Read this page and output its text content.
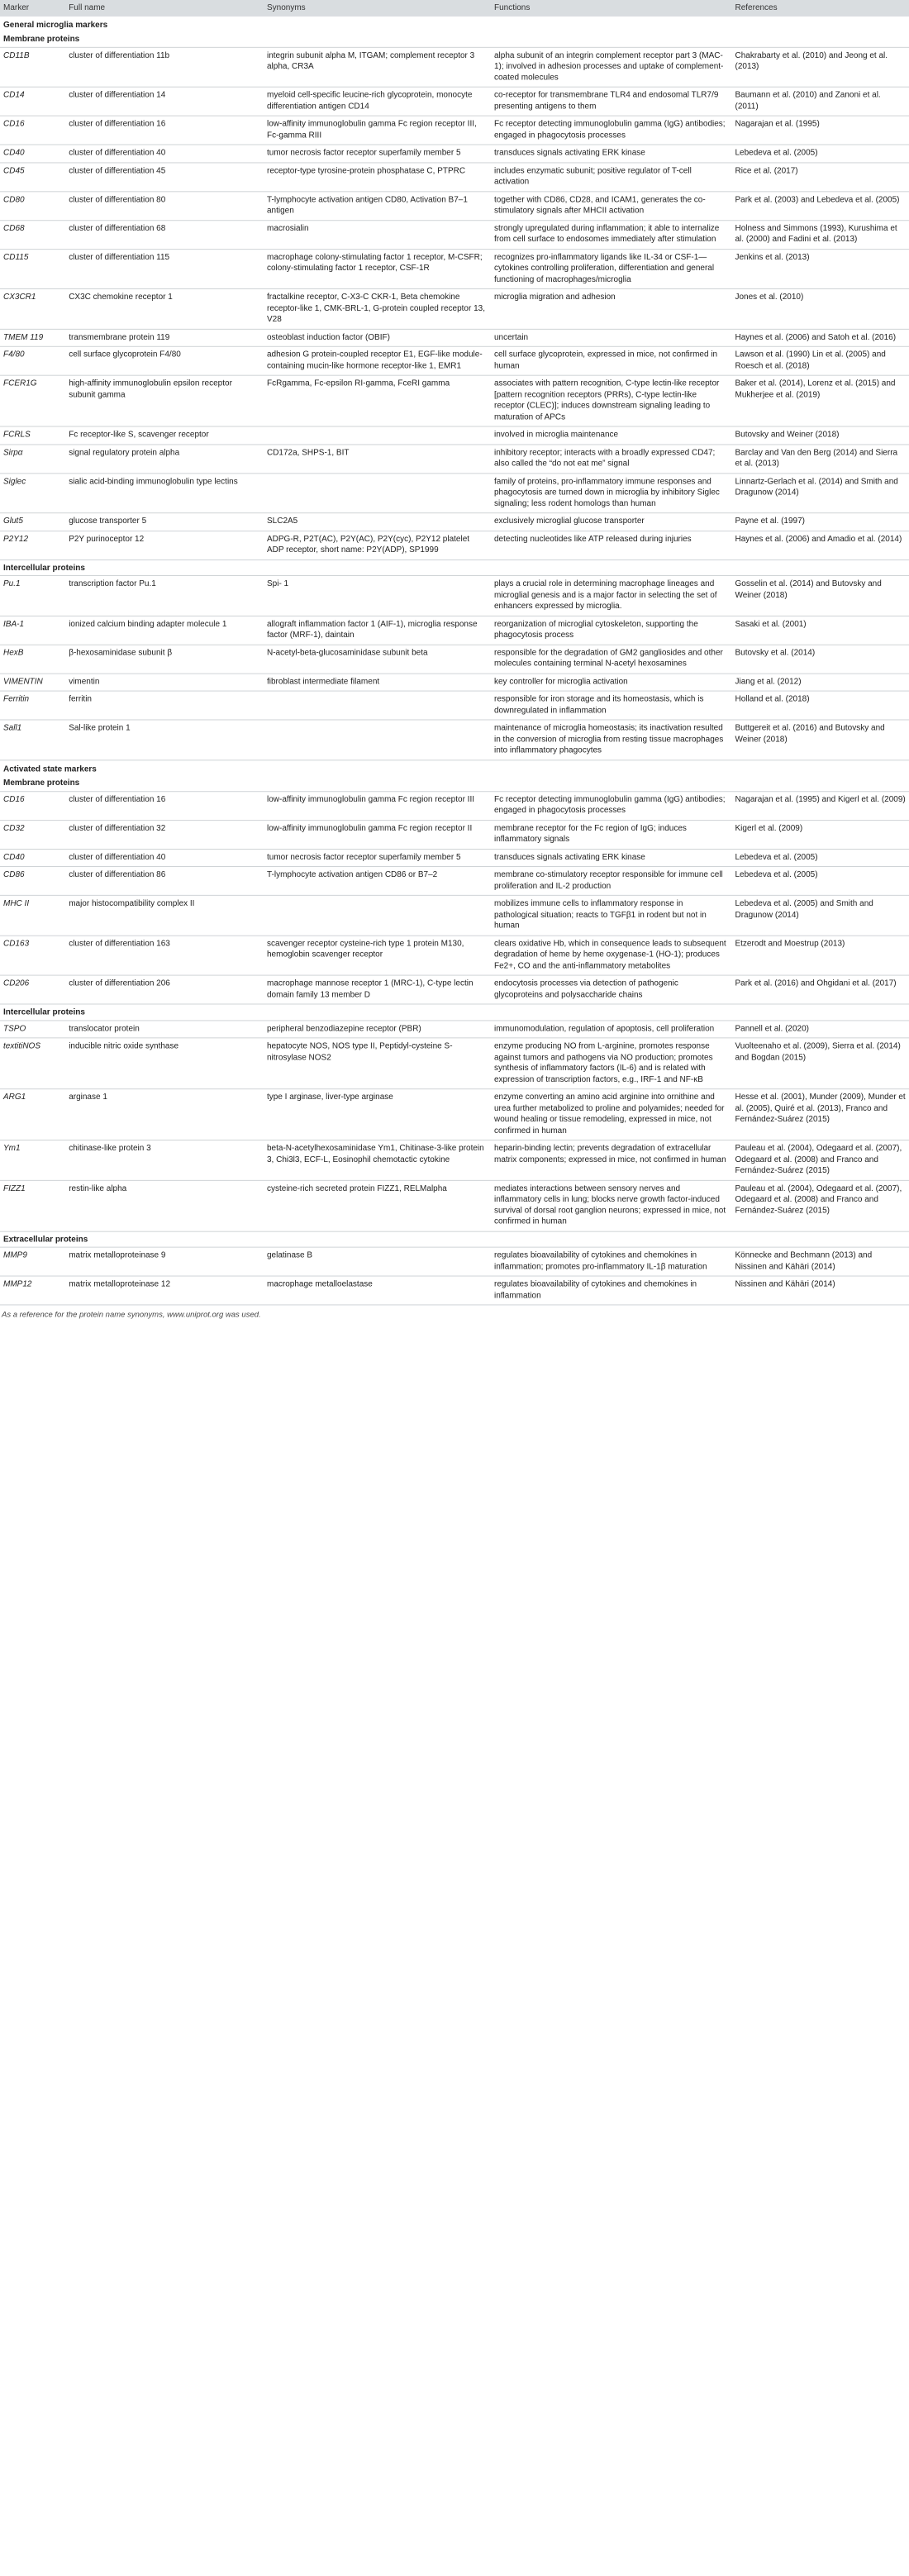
Marker	Full name	Synonyms	Functions	References
General microglia markers				
Membrane proteins				
CD11B	cluster of differentiation 11b	integrin subunit alpha M, ITGAM; complement receptor 3 alpha, CR3A	alpha subunit of an integrin complement receptor part 3 (MAC-1); involved in adhesion processes and uptake of complement-coated molecules	Chakrabarty et al. (2010) and Jeong et al. (2013)
CD14	cluster of differentiation 14	myeloid cell-specific leucine-rich glycoprotein, monocyte differentiation antigen CD14	co-receptor for transmembrane TLR4 and endosomal TLR7/9 presenting antigens to them	Baumann et al. (2010) and Zanoni et al. (2011)
CD16	cluster of differentiation 16	low-affinity immunoglobulin gamma Fc region receptor III, Fc-gamma RIII	Fc receptor detecting immunoglobulin gamma (IgG) antibodies; engaged in phagocytosis processes	Nagarajan et al. (1995)
CD40	cluster of differentiation 40	tumor necrosis factor receptor superfamily member 5	transduces signals activating ERK kinase	Lebedeva et al. (2005)
CD45	cluster of differentiation 45	receptor-type tyrosine-protein phosphatase C, PTPRC	includes enzymatic subunit; positive regulator of T-cell activation	Rice et al. (2017)
CD80	cluster of differentiation 80	T-lymphocyte activation antigen CD80, Activation B7–1 antigen	together with CD86, CD28, and ICAM1, generates the co-stimulatory signals after MHCII activation	Park et al. (2003) and Lebedeva et al. (2005)
CD68	cluster of differentiation 68	macrosialin	strongly upregulated during inflammation; it able to internalize from cell surface to endosomes immediately after stimulation	Holness and Simmons (1993), Kurushima et al. (2000) and Fadini et al. (2013)
CD115	cluster of differentiation 115	macrophage colony-stimulating factor 1 receptor, M-CSFR; colony-stimulating factor 1 receptor, CSF-1R	recognizes pro-inflammatory ligands like IL-34 or CSF-1—cytokines controlling proliferation, differentiation and general functioning of macrophages/microglia	Jenkins et al. (2013)
CX3CR1	CX3C chemokine receptor 1	fractalkine receptor, C-X3-C CKR-1, Beta chemokine receptor-like 1, CMK-BRL-1, G-protein coupled receptor 13, V28	microglia migration and adhesion	Jones et al. (2010)
TMEM 119	transmembrane protein 119	osteoblast induction factor (OBIF)	uncertain	Haynes et al. (2006) and Satoh et al. (2016)
F4/80	cell surface glycoprotein F4/80	adhesion G protein-coupled receptor E1, EGF-like module-containing mucin-like hormone receptor-like 1, EMR1	cell surface glycoprotein, expressed in mice, not confirmed in human	Lawson et al. (1990) Lin et al. (2005) and Roesch et al. (2018)
FCER1G	high-affinity immunoglobulin epsilon receptor subunit gamma	FcRgamma, Fc-epsilon RI-gamma, FceRI gamma	associates with pattern recognition, C-type lectin-like receptor [pattern recognition receptors (PRRs), C-type lectin-like receptor (CLEC)]; induces downstream signaling leading to maturation of APCs	Baker et al. (2014), Lorenz et al. (2015) and Mukherjee et al. (2019)
FCRLS	Fc receptor-like S, scavenger receptor		involved in microglia maintenance	Butovsky and Weiner (2018)
Sirpα	signal regulatory protein alpha	CD172a, SHPS-1, BIT	inhibitory receptor; interacts with a broadly expressed CD47; also called the “do not eat me” signal	Barclay and Van den Berg (2014) and Sierra et al. (2013)
Siglec	sialic acid-binding immunoglobulin type lectins		family of proteins, pro-inflammatory immune responses and phagocytosis are turned down in microglia by inhibitory Siglec signaling; less rodent homologs than human	Linnartz-Gerlach et al. (2014) and Smith and Dragunow (2014)
Glut5	glucose transporter 5	SLC2A5	exclusively microglial glucose transporter	Payne et al. (1997)
P2Y12	P2Y purinoceptor 12	ADPG-R, P2T(AC), P2Y(AC), P2Y(cyc), P2Y12 platelet ADP receptor, short name: P2Y(ADP), SP1999	detecting nucleotides like ATP released during injuries	Haynes et al. (2006) and Amadio et al. (2014)
Intercellular proteins				
Pu.1	transcription factor Pu.1	Spi- 1	plays a crucial role in determining macrophage lineages and microglial genesis and is a major factor in selecting the set of enhancers expressed by microglia.	Gosselin et al. (2014) and Butovsky and Weiner (2018)
IBA-1	ionized calcium binding adapter molecule 1	allograft inflammation factor 1 (AIF-1), microglia response factor (MRF-1), daintain	reorganization of microglial cytoskeleton, supporting the phagocytosis process	Sasaki et al. (2001)
HexB	β-hexosaminidase subunit β	N-acetyl-beta-glucosaminidase subunit beta	responsible for the degradation of GM2 gangliosides and other molecules containing terminal N-acetyl hexosamines	Butovsky et al. (2014)
VIMENTIN	vimentin	fibroblast intermediate filament	key controller for microglia activation	Jiang et al. (2012)
Ferritin	ferritin		responsible for iron storage and its homeostasis, which is downregulated in inflammation	Holland et al. (2018)
Sall1	Sal-like protein 1		maintenance of microglia homeostasis; its inactivation resulted in the conversion of microglia from resting tissue macrophages into inflammatory phagocytes	Buttgereit et al. (2016) and Butovsky and Weiner (2018)
Activated state markers				
Membrane proteins				
CD16	cluster of differentiation 16	low-affinity immunoglobulin gamma Fc region receptor III	Fc receptor detecting immunoglobulin gamma (IgG) antibodies; engaged in phagocytosis processes	Nagarajan et al. (1995) and Kigerl et al. (2009)
CD32	cluster of differentiation 32	low-affinity immunoglobulin gamma Fc region receptor II	membrane receptor for the Fc region of IgG; induces inflammatory signals	Kigerl et al. (2009)
CD40	cluster of differentiation 40	tumor necrosis factor receptor superfamily member 5	transduces signals activating ERK kinase	Lebedeva et al. (2005)
CD86	cluster of differentiation 86	T-lymphocyte activation antigen CD86 or B7–2	membrane co-stimulatory receptor responsible for immune cell proliferation and IL-2 production	Lebedeva et al. (2005)
MHC II	major histocompatibility complex II		mobilizes immune cells to inflammatory response in pathological situation; reacts to TGFβ1 in rodent but not in human	Lebedeva et al. (2005) and Smith and Dragunow (2014)
CD163	cluster of differentiation 163	scavenger receptor cysteine-rich type 1 protein M130, hemoglobin scavenger receptor	clears oxidative Hb, which in consequence leads to subsequent degradation of heme by heme oxygenase-1 (HO-1); produces Fe2+, CO and the anti-inflammatory metabolites	Etzerodt and Moestrup (2013)
CD206	cluster of differentiation 206	macrophage mannose receptor 1 (MRC-1), C-type lectin domain family 13 member D	endocytosis processes via detection of pathogenic glycoproteins and polysaccharide chains	Park et al. (2016) and Ohgidani et al. (2017)
Intercellular proteins				
TSPO	translocator protein	peripheral benzodiazepine receptor (PBR)	immunomodulation, regulation of apoptosis, cell proliferation	Pannell et al. (2020)
textitiNOS	inducible nitric oxide synthase	hepatocyte NOS, NOS type II, Peptidyl-cysteine S-nitrosylase NOS2	enzyme producing NO from L-arginine, promotes response against tumors and pathogens via NO production; promotes synthesis of inflammatory factors (IL-6) and is related with expression of transcription factors, e.g., IRF-1 and NF-κB	Vuolteenaho et al. (2009), Sierra et al. (2014) and Bogdan (2015)
ARG1	arginase 1	type I arginase, liver-type arginase	enzyme converting an amino acid arginine into ornithine and urea further metabolized to proline and polyamides; needed for wound healing or tissue remodeling, expressed in mice, not confirmed in human	Hesse et al. (2001), Munder (2009), Munder et al. (2005), Quiré et al. (2013), Franco and Fernández-Suárez (2015)
Ym1	chitinase-like protein 3	beta-N-acetylhexosaminidase Ym1, Chitinase-3-like protein 3, Chi3l3, ECF-L, Eosinophil chemotactic cytokine	heparin-binding lectin; prevents degradation of extracellular matrix components; expressed in mice, not confirmed in human	Pauleau et al. (2004), Odegaard et al. (2007), Odegaard et al. (2008) and Franco and Fernández-Suárez (2015)
FIZZ1	restin-like alpha	cysteine-rich secreted protein FIZZ1, RELMalpha	mediates interactions between sensory nerves and inflammatory cells in lung; blocks nerve growth factor-induced survival of dorsal root ganglion neurons; expressed in mice, not confirmed in human	Pauleau et al. (2004), Odegaard et al. (2007), Odegaard et al. (2008) and Franco and Fernández-Suárez (2015)
Extracellular proteins				
MMP9	matrix metalloproteinase 9	gelatinase B	regulates bioavailability of cytokines and chemokines in inflammation; promotes pro-inflammatory IL-1β maturation	Könnecke and Bechmann (2013) and Nissinen and Kähäri (2014)
MMP12	matrix metalloproteinase 12	macrophage metalloelastase	regulates bioavailability of cytokines and chemokines in inflammation	Nissinen and Kähäri (2014)
As a reference for the protein name synonyms, www.uniprot.org was used.
